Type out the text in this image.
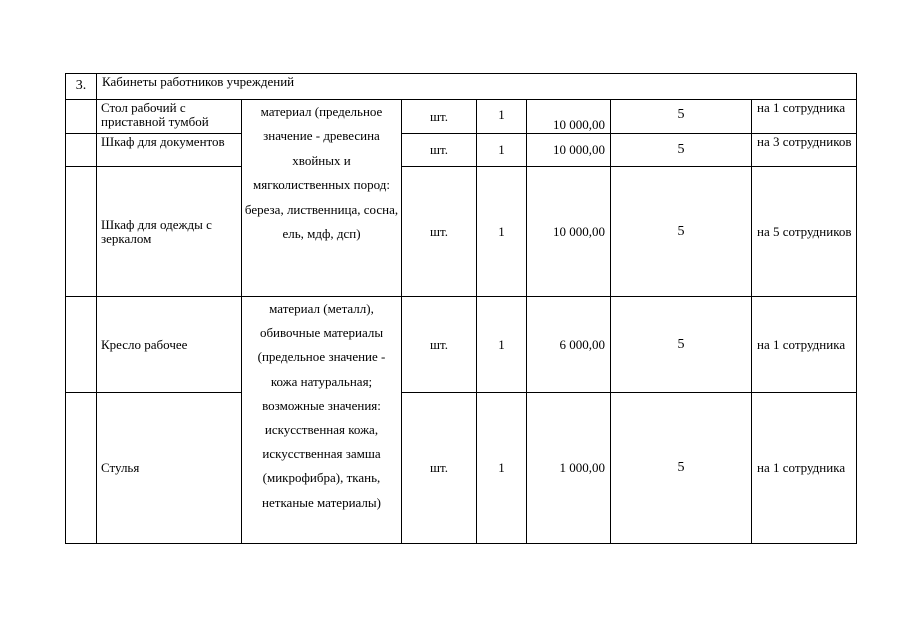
3.	Кабинеты работников учреждений						
	Стол рабочий с приставной тумбой	материал (предельное значение - древесина хвойных и мягколиственных пород: береза, лиственница, сосна, ель, мдф, дсп)	шт.	1	10 000,00	5	на 1 сотрудника
	Шкаф для документов		шт.	1	10 000,00	5	на 3 сотрудников
	Шкаф для одежды с зеркалом		шт.	1	10 000,00	5	на 5 сотрудников
	Кресло рабочее	материал (металл), обивочные материалы (предельное значение - кожа натуральная; возможные значения: искусственная кожа, искусственная замша (микрофибра), ткань, нетканые материалы)	шт.	1	6 000,00	5	на 1 сотрудника
	Стулья		шт.	1	1 000,00	5	на 1 сотрудника
